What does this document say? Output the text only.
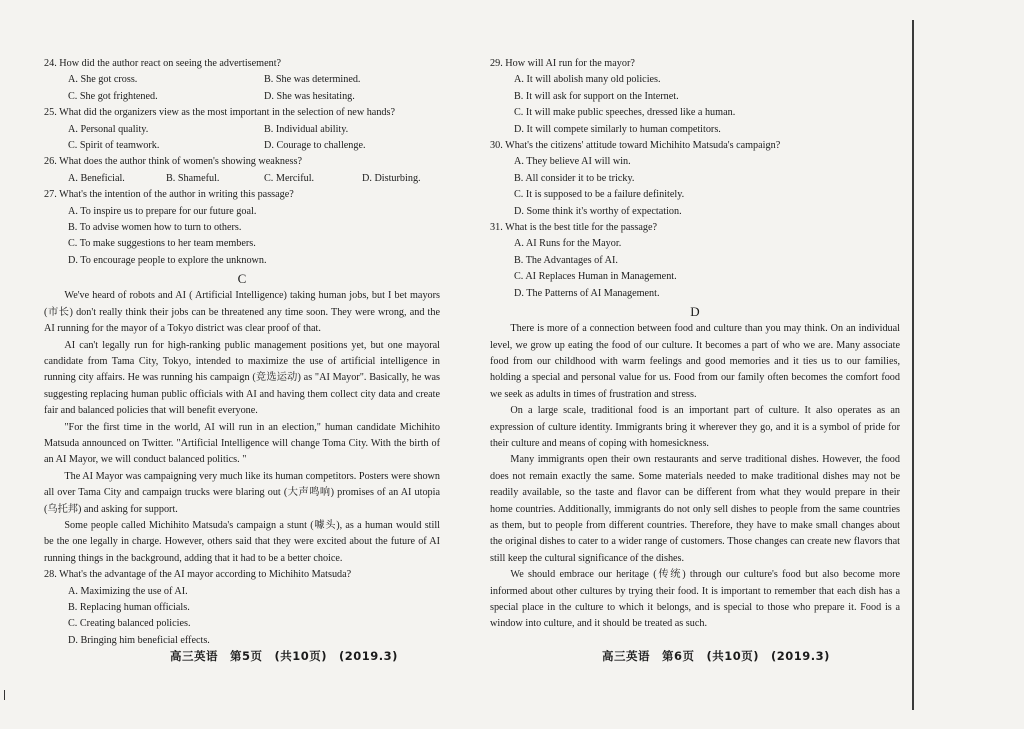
24. How did the author react on seeing the advertisement?

A. She got cross.	B. She was determined.
C. She got frightened.	D. She was hesitating.

25. What did the organizers view as the most important in the selection of new hands?

A. Personal quality.	B. Individual ability.
C. Spirit of teamwork.	D. Courage to challenge.

26. What does the author think of women's showing weakness?

A. Beneficial.	B. Shameful.	C. Merciful.	D. Disturbing.

27. What's the intention of the author in writing this passage?

A. To inspire us to prepare for our future goal.
B. To advise women how to turn to others.
C. To make suggestions to her team members.
D. To encourage people to explore the unknown.
C

We've heard of robots and AI ( Artificial Intelligence) taking human jobs, but I bet mayors (市长) don't really think their jobs can be threatened any time soon. They were wrong, and the AI running for the mayor of a Tokyo district was clear proof of that.

AI can't legally run for high-ranking public management positions yet, but one mayoral candidate from Tama City, Tokyo, intended to maximize the use of artificial intelligence in running city affairs. He was running his campaign (竞选运动) as "AI Mayor". Basically, he was suggesting replacing human public officials with AI and having them collect city data and create fair and balanced policies that will benefit everyone.

"For the first time in the world, AI will run in an election," human candidate Michihito Matsuda announced on Twitter. "Artificial Intelligence will change Toma City. With the birth of an AI Mayor, we will conduct balanced politics. "

The AI Mayor was campaigning very much like its human competitors. Posters were shown all over Tama City and campaign trucks were blaring out (大声鸣响) promises of an AI utopia (乌托邦) and asking for support.

Some people called Michihito Matsuda's campaign a stunt (噱头), as a human would still be the one legally in charge. However, others said that they were excited about the future of AI running things in the background, adding that it had to be a better choice.

28. What's the advantage of the AI mayor according to Michihito Matsuda?

A. Maximizing the use of AI.
B. Replacing human officials.
C. Creating balanced policies.
D. Bringing him beneficial effects.
高三英语　第5页　(共10页)　(2019.3)

29. How will AI run for the mayor?

A. It will abolish many old policies.
B. It will ask for support on the Internet.
C. It will make public speeches, dressed like a human.
D. It will compete similarly to human competitors.

30. What's the citizens' attitude toward Michihito Matsuda's campaign?

A. They believe AI will win.
B. All consider it to be tricky.
C. It is supposed to be a failure definitely.
D. Some think it's worthy of expectation.

31. What is the best title for the passage?

A. AI Runs for the Mayor.
B. The Advantages of AI.
C. AI Replaces Human in Management.
D. The Patterns of AI Management.
D

There is more of a connection between food and culture than you may think. On an individual level, we grow up eating the food of our culture. It becomes a part of who we are. Many associate food from our childhood with warm feelings and good memories and it ties us to our families, holding a special and personal value for us. Food from our family often becomes the comfort food we seek as adults in times of frustration and stress.

On a large scale, traditional food is an important part of culture. It also operates as an expression of culture identity. Immigrants bring it wherever they go, and it is a symbol of pride for their culture and means of coping with homesickness.

Many immigrants open their own restaurants and serve traditional dishes. However, the food does not remain exactly the same. Some materials needed to make traditional dishes may not be readily available, so the taste and flavor can be different from what they would prepare in their home countries. Additionally, immigrants do not only sell dishes to people from the same countries as them, but to people from different countries. Therefore, they have to make small changes about the original dishes to cater to a wider range of customers. Those changes can create new flavors that still keep the cultural significance of the dishes.

We should embrace our heritage (传统) through our culture's food but also become more informed about other cultures by trying their food. It is important to remember that each dish has a special place in the culture to which it belongs, and is special to those who prepare it. Food is a window into culture, and it should be treated as such.

高三英语　第6页　(共10页)　(2019.3)
